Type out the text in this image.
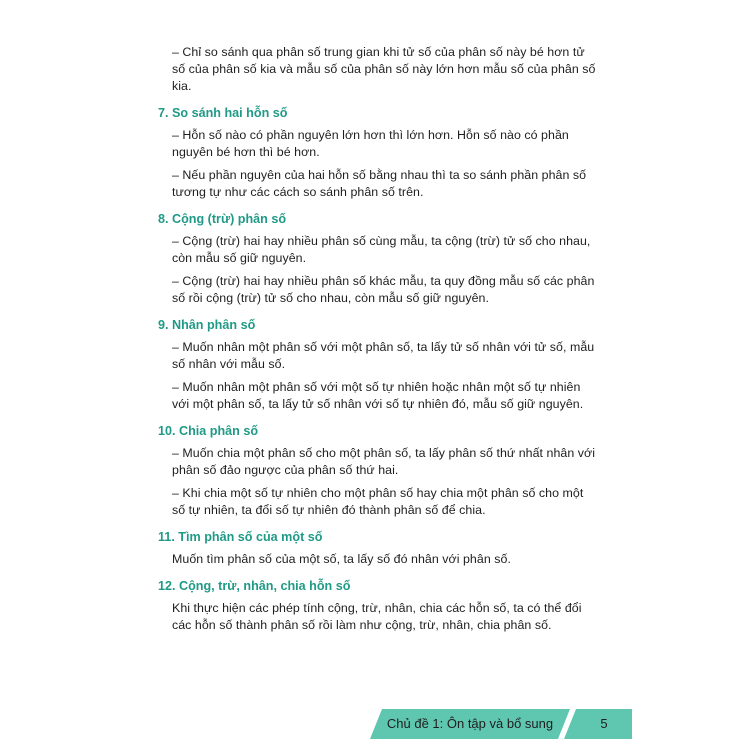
– Chỉ so sánh qua phân số trung gian khi tử số của phân số này bé hơn tử số của phân số kia và mẫu số của phân số này lớn hơn mẫu số của phân số kia.

7. So sánh hai hỗn số

– Hỗn số nào có phần nguyên lớn hơn thì lớn hơn. Hỗn số nào có phần nguyên bé hơn thì bé hơn.

– Nếu phần nguyên của hai hỗn số bằng nhau thì ta so sánh phần phân số tương tự như các cách so sánh phân số trên.

8. Cộng (trừ) phân số

– Cộng (trừ) hai hay nhiều phân số cùng mẫu, ta cộng (trừ) tử số cho nhau, còn mẫu số giữ nguyên.

– Cộng (trừ) hai hay nhiều phân số khác mẫu, ta quy đồng mẫu số các phân số rồi cộng (trừ) tử số cho nhau, còn mẫu số giữ nguyên.

9. Nhân phân số

– Muốn nhân một phân số với một phân số, ta lấy tử số nhân với tử số, mẫu số nhân với mẫu số.

– Muốn nhân một phân số với một số tự nhiên hoặc nhân một số tự nhiên với một phân số, ta lấy tử số nhân với số tự nhiên đó, mẫu số giữ nguyên.

10. Chia phân số

– Muốn chia một phân số cho một phân số, ta lấy phân số thứ nhất nhân với phân số đảo ngược của phân số thứ hai.

– Khi chia một số tự nhiên cho một phân số hay chia một phân số cho một số tự nhiên, ta đổi số tự nhiên đó thành phân số để chia.

11. Tìm phân số của một số

Muốn tìm phân số của một số, ta lấy số đó nhân với phân số.

12. Cộng, trừ, nhân, chia hỗn số

Khi thực hiện các phép tính cộng, trừ, nhân, chia các hỗn số, ta có thể đổi các hỗn số thành phân số rồi làm như cộng, trừ, nhân, chia phân số.

Chủ đề 1: Ôn tập và bổ sung	5
